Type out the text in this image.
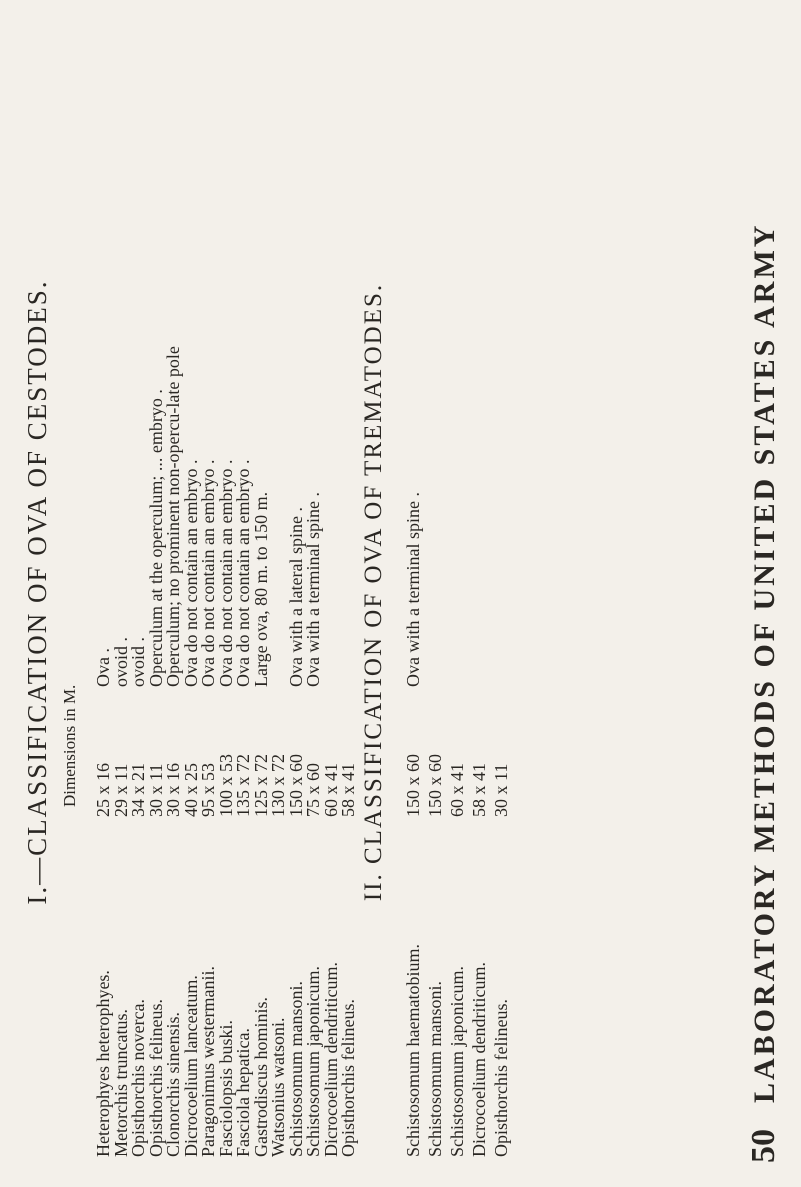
50
LABORATORY METHODS OF UNITED STATES ARMY
I.—CLASSIFICATION OF OVA OF CESTODES. Dimensions in M.
Heterophyes heterophyes.
25 x 16
Ova .
Metorchis truncatus.
29 x 11
ovoid .
Opisthorchis noverca.
34 x 21
ovoid .
Opisthorchis felineus.
30 x 11
Operculum at the operculum; ... embryo .
Clonorchis sinensis.
30 x 16
Operculum; no prominent non-opercu-late pole
Dicrocoelium lanceatum.
40 x 25
Ova do not contain an embryo .
Paragonimus westermanii.
95 x 53
Ova do not contain an embryo .
Fasciolopsis buski.
100 x 53
Ova do not contain an embryo .
Fasciola hepatica.
135 x 72
Ova do not contain an embryo .
Gastrodiscus hominis.
125 x 72
Large ova, 80 m. to 150 m.
Watsonius watsoni.
130 x 72
Schistosomum mansoni.
150 x 60
Ova with a lateral spine .
Schistosomum japonicum.
75 x 60
Ova with a terminal spine .
Dicrocoelium dendriticum.
60 x 41
Opisthorchis felineus.
58 x 41 II. CLASSIFICATION OF OVA OF TREMATODES.
Schistosomum haematobium.
150 x 60
Ova with a terminal spine .
Schistosomum mansoni.
150 x 60
Schistosomum japonicum.
60 x 41
Dicrocoelium dendriticum.
58 x 41
Opisthorchis felineus.
30 x 11
